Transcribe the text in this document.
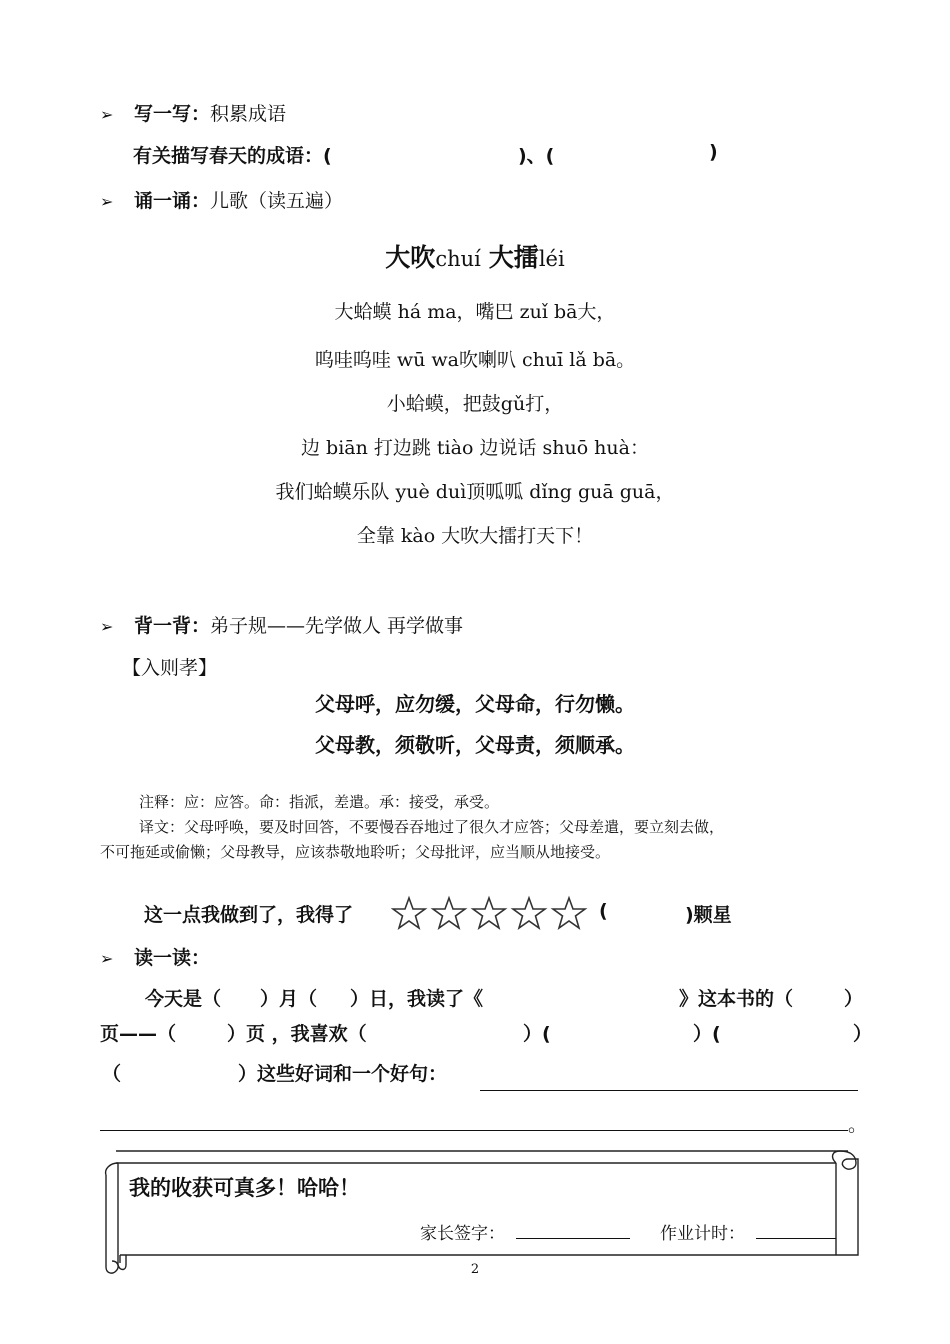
➢ 写一写：积累成语
有关描写春天的成语：(	)、(	)
➢ 诵一诵：儿歌（读五遍）
大吹chuí 大擂léi
大蛤蟆 há ma，嘴巴 zuǐ bā大，
呜哇呜哇 wū wa吹喇叭 chuī lǎ bā。
小蛤蟆，把鼓gǔ打，
边 biān 打边跳 tiào 边说话 shuō huà：
我们蛤蟆乐队 yuè duì顶呱呱 dǐng guā guā，
全靠 kào 大吹大擂打天下！
➢ 背一背：弟子规——先学做人 再学做事
【入则孝】
父母呼，应勿缓，父母命，行勿懒。
父母教，须敬听，父母责，须顺承。
注释：应：应答。命：指派，差遣。承：接受，承受。
译文：父母呼唤，要及时回答，不要慢吞吞地过了很久才应答；父母差遣，要立刻去做，
不可拖延或偷懒；父母教导，应该恭敬地聆听；父母批评，应当顺从地接受。
这一点我做到了，我得了	(	)颗星
➢ 读一读：
今天是（ ）月（ ）日，我读了《	》这本书的（	）
页——（	）页 ，我喜欢（	）(	）(	）
（	）这些好词和一个好句：
。
我的收获可真多！哈哈！
家长签字：	作业计时：
2
